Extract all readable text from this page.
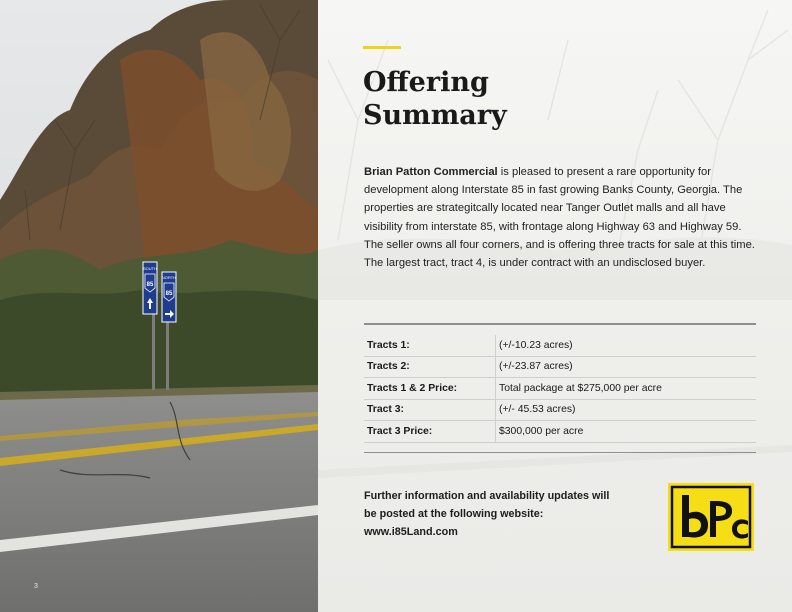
SOUTH
85
NORTH
85
3
Offering
Summary

Brian Patton Commercial is pleased to present a rare opportunity for development along Interstate 85 in fast growing Banks County, Georgia. The properties are strategitcally located near Tanger Outlet malls and all have visibility from interstate 85, with frontage along Highway 63 and Highway 59. The seller owns all four corners, and is offering three tracts for sale at this time. The largest tract, tract 4, is under contract with an undisclosed buyer.

Tracts 1:	(+/-10.23 acres)
Tracts 2:	(+/-23.87 acres)
Tracts 1 & 2 Price:	Total package at $275,000 per acre
Tract 3:	(+/- 45.53 acres)
Tract 3 Price:	$300,000 per acre
Further information and availability updates will
be posted at the following website:
www.i85Land.com
